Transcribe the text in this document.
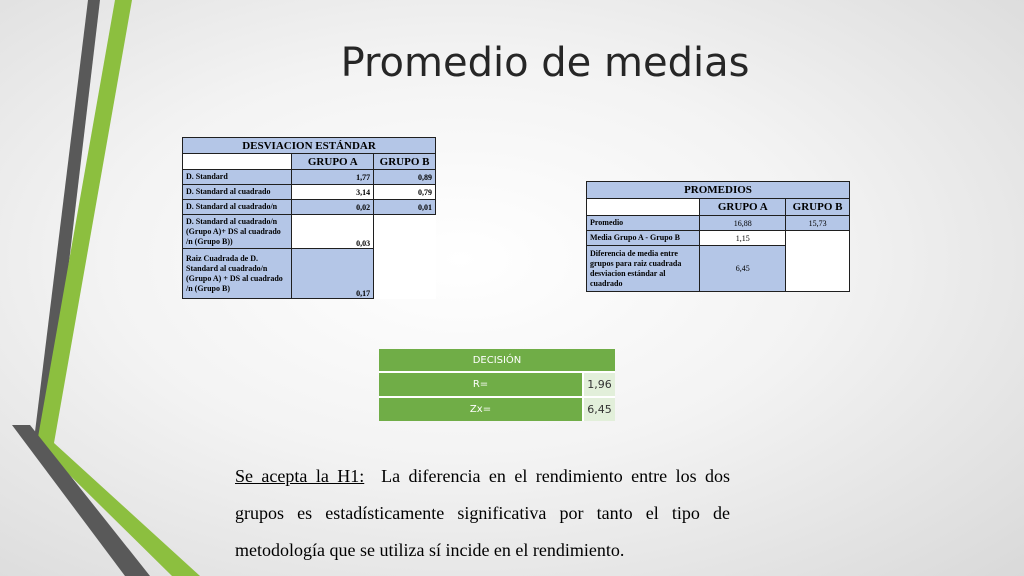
Promedio de medias
DESVIACION ESTÁNDAR		
	GRUPO A	GRUPO B
D. Standard	1,77	0,89
D. Standard al cuadrado	3,14	0,79
D. Standard al cuadrado/n	0,02	0,01
D. Standard al cuadrado/n (Grupo A)+ DS al cuadrado /n (Grupo B))	0,03	
Raiz Cuadrada de D. Standard al cuadrado/n (Grupo A) + DS al cuadrado /n (Grupo B)	0,17	
PROMEDIOS		
	GRUPO A	GRUPO B
Promedio	16,88	15,73
Media Grupo A - Grupo B	1,15	
Diferencia de media entre grupos para raiz cuadrada desviacion estándar al cuadrado	6,45	
DECISIÓN	
R=	1,96
Zx=	6,45
Se acepta la H1: La diferencia en el rendimiento entre los dos grupos es estadísticamente significativa por tanto el tipo de metodología que se utiliza sí incide en el rendimiento.
